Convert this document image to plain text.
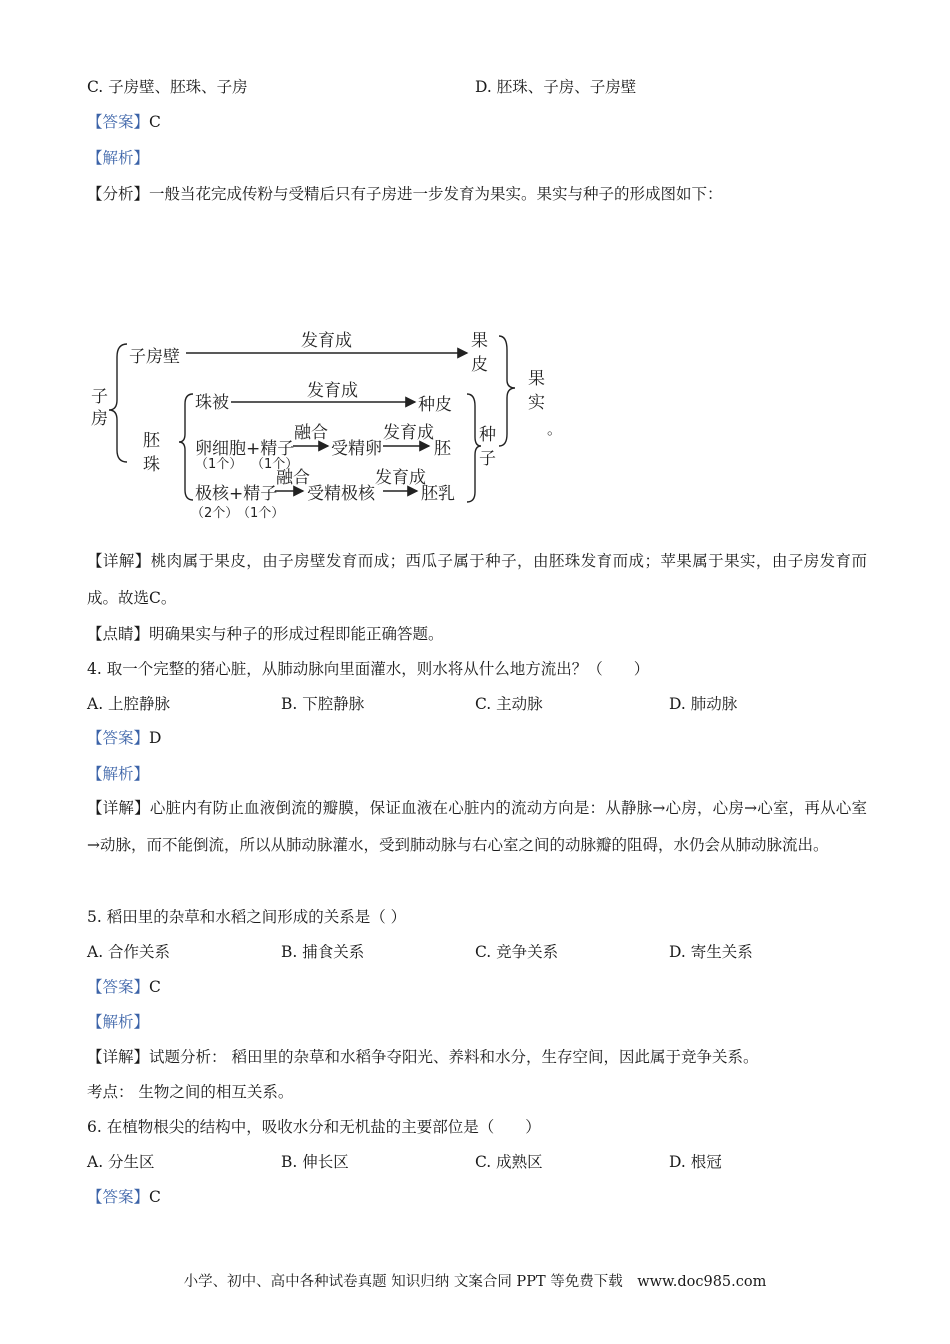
C. 子房壁、胚珠、子房	D. 胚珠、子房、子房壁
【答案】C
【解析】
【分析】一般当花完成传粉与受精后只有子房进一步发育为果实。果实与种子的形成图如下：
子
房
子房壁
发育成	果
皮
胚
珠
珠被
发育成
种皮
卵细胞+精子
融合
受精卵
发育成
胚
（1个） （1个）
极核+精子
融合
受精极核
发育成
胚乳
（2个）
（1个）
种
子
果
实
。
【详解】桃肉属于果皮，由子房壁发育而成；西瓜子属于种子，由胚珠发育而成；苹果属于果实，由子房发育而成。故选C。
【点睛】明确果实与种子的形成过程即能正确答题。
4. 取一个完整的猪心脏，从肺动脉向里面灌水，则水将从什么地方流出？（　　）
A. 上腔静脉	B. 下腔静脉	C. 主动脉	D. 肺动脉
【答案】D
【解析】
【详解】心脏内有防止血液倒流的瓣膜，保证血液在心脏内的流动方向是：从静脉→心房，心房→心室，再从心室→动脉，而不能倒流，所以从肺动脉灌水，受到肺动脉与右心室之间的动脉瓣的阻碍，水仍会从肺动脉流出。
5. 稻田里的杂草和水稻之间形成的关系是（ ）
A. 合作关系	B. 捕食关系	C. 竞争关系	D. 寄生关系
【答案】C
【解析】
【详解】试题分析： 稻田里的杂草和水稻争夺阳光、养料和水分，生存空间，因此属于竞争关系。
考点： 生物之间的相互关系。
6. 在植物根尖的结构中，吸收水分和无机盐的主要部位是（　　）
A. 分生区	B. 伸长区	C. 成熟区	D. 根冠
【答案】C
小学、初中、高中各种试卷真题 知识归纳 文案合同 PPT 等免费下载　www.doc985.com
